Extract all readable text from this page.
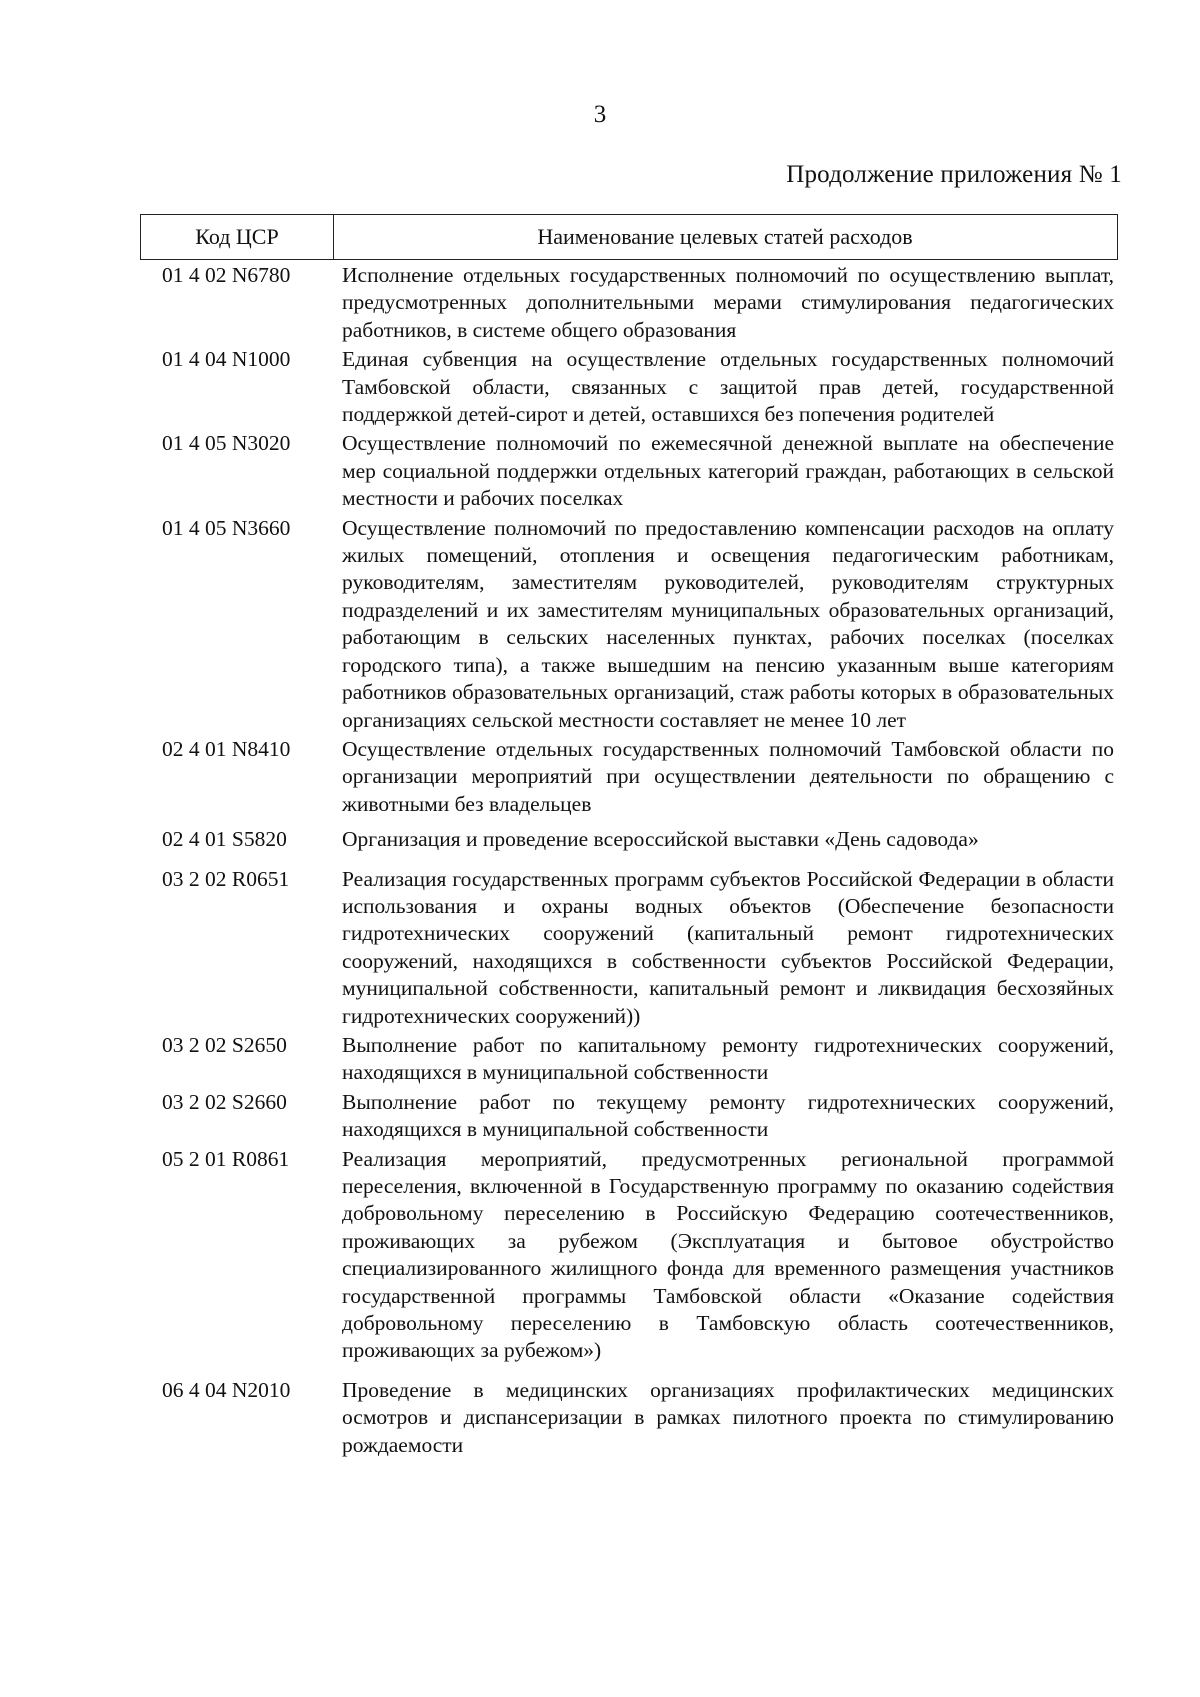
3
Продолжение приложения № 1
Код ЦСР	Наименование целевых статей расходов
01 4 02 N6780	Исполнение отдельных государственных полномочий по осуществлению выплат, предусмотренных дополнительными мерами стимулирования педагогических работников, в системе общего образования
01 4 04 N1000	Единая субвенция на осуществление отдельных государственных полномочий Тамбовской области, связанных с защитой прав детей, государственной поддержкой детей-сирот и детей, оставшихся без попечения родителей
01 4 05 N3020	Осуществление полномочий по ежемесячной денежной выплате на обеспечение мер социальной поддержки отдельных категорий граждан, работающих в сельской местности и рабочих поселках
01 4 05 N3660	Осуществление полномочий по предоставлению компенсации расходов на оплату жилых помещений, отопления и освещения педагогическим работникам, руководителям, заместителям руководителей, руководителям структурных подразделений и их заместителям муниципальных образовательных организаций, работающим в сельских населенных пунктах, рабочих поселках (поселках городского типа), а также вышедшим на пенсию указанным выше категориям работников образовательных организаций, стаж работы которых в образовательных организациях сельской местности составляет не менее 10 лет
02 4 01 N8410	Осуществление отдельных государственных полномочий Тамбовской области по организации мероприятий при осуществлении деятельности по обращению с животными без владельцев
02 4 01 S5820	Организация и проведение всероссийской выставки «День садовода»
03 2 02 R0651	Реализация государственных программ субъектов Российской Федерации в области использования и охраны водных объектов (Обеспечение безопасности гидротехнических сооружений (капитальный ремонт гидротехнических сооружений, находящихся в собственности субъектов Российской Федерации, муниципальной собственности, капитальный ремонт и ликвидация бесхозяйных гидротехнических сооружений))
03 2 02 S2650	Выполнение работ по капитальному ремонту гидротехнических сооружений, находящихся в муниципальной собственности
03 2 02 S2660	Выполнение работ по текущему ремонту гидротехнических сооружений, находящихся в муниципальной собственности
05 2 01 R0861	Реализация мероприятий, предусмотренных региональной программой переселения, включенной в Государственную программу по оказанию содействия добровольному переселению в Российскую Федерацию соотечественников, проживающих за рубежом (Эксплуатация и бытовое обустройство специализированного жилищного фонда для временного размещения участников государственной программы Тамбовской области «Оказание содействия добровольному переселению в Тамбовскую область соотечественников, проживающих за рубежом»)
06 4 04 N2010	Проведение в медицинских организациях профилактических медицинских осмотров и диспансеризации в рамках пилотного проекта по стимулированию рождаемости
